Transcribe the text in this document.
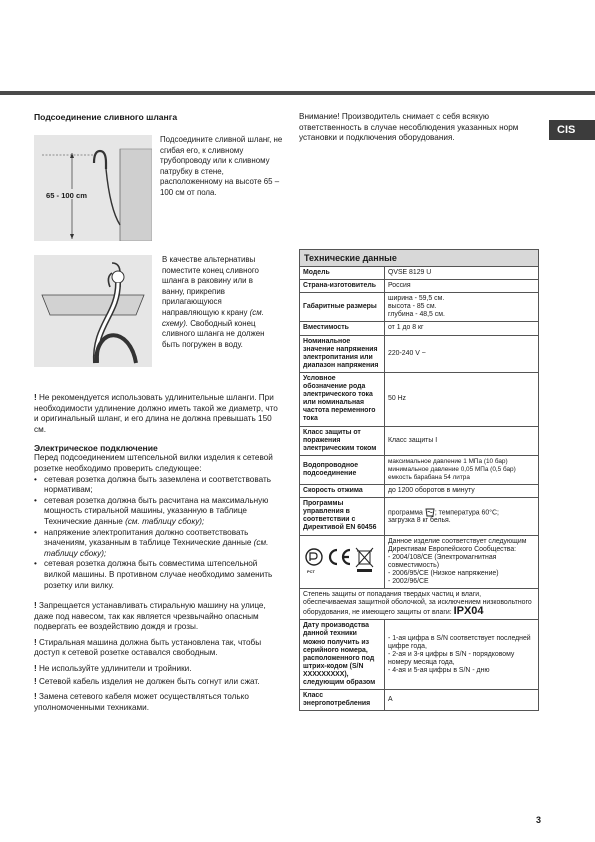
CIS
Подсоединение сливного шланга
65 - 100 cm
Подсоедините сливной шланг, не сгибая его, к сливному трубопроводу или к сливному патрубку в стене, расположенному на высоте 65 – 100 см от пола.
В качестве альтернативы поместите конец сливного шланга в раковину или в ванну, прикрепив прилагающуюся направляющую к крану (см. схему). Свободный конец сливного шланга не должен быть погружен в воду.

! Не рекомендуется использовать удлинительные шланги. При необходимости удлинение должно иметь такой же диаметр, что и оригинальный шланг, и его длина не должна превышать 150 см.

Электрическое подключение

Перед подсоединением штепсельной вилки изделия к сетевой розетке необходимо проверить следующее:

• сетевая розетка должна быть заземлена и соответствовать нормативам;
• сетевая розетка должна быть расчитана на максимальную мощность стиральной машины, указанную в таблице Технические данные (см. таблицу сбоку);
• напряжение электропитания должно соответствовать значениям, указанным в таблице Технические данные (см. таблицу сбоку);
• сетевая розетка должна быть совместима штепсельной вилкой машины. В противном случае необходимо заменить розетку или вилку.

! Запрещается устанавливать стиральную машину на улице, даже под навесом, так как является чрезвычайно опасным подвергать ее воздействию дождя и грозы.

! Стиральная машина должна быть установлена так, чтобы доступ к сетевой розетке оставался свободным.

! Не используйте удлинители и тройники.

! Сетевой кабель изделия не должен быть согнут или сжат.

! Замена сетевого кабеля может осуществляться только уполномоченными техниками.

Внимание! Производитель снимает с себя всякую ответственность в случае несоблюдения указанных норм установки и подключения оборудования.

Технические данные	
Модель	QVSE 8129 U
Страна-изготовитель	Россия
Габаритные размеры	ширина - 59,5 см.
высота - 85 см.
глубина - 48,5 см.

Вместимость	от 1 до 8 кг
Номинальное значение напряжения электропитания или диапазон напряжения	220-240 V ~
Условное обозначение рода электрического тока или номинальная частота переменного тока	50 Hz
Класс защиты от поражения электрическим током	Класс защиты I
Водопроводное подсоединение	максимальное давление 1 МПа (10 бар)
минимальное давление 0,05 МПа (0,5 бар)
емкость барабана 54 литра

Скорость отжима	до 1200 оборотов в минуту
Программы управления в соответствии с Директивой EN 60456	программа ; температура 60°C;
загрузка 8 кг белья.

PCT	Данное изделие соответствует следующим Директивам Европейского Сообщества:
- 2004/108/CE (Электромагнитная совместимость)
- 2006/95/CE (Низкое напряжение)
- 2002/96/CE

Степень защиты от попадания твердых частиц и влаги, обеспечиваемая защитной оболочкой, за исключением низковольтного оборудования, не имеющего защиты от влаги: IPX04	
Дату производства данной техники можно получить из серийного номера, расположенного под штрих-кодом (S/N XXXXXXXXX), следующим образом	- 1-ая цифра в S/N соответствует последней цифре года,
- 2-ая и 3-я цифры в S/N - порядковому номеру месяца года,
- 4-ая и 5-ая цифры в S/N - дню

Класс энергопотребления	A
3
